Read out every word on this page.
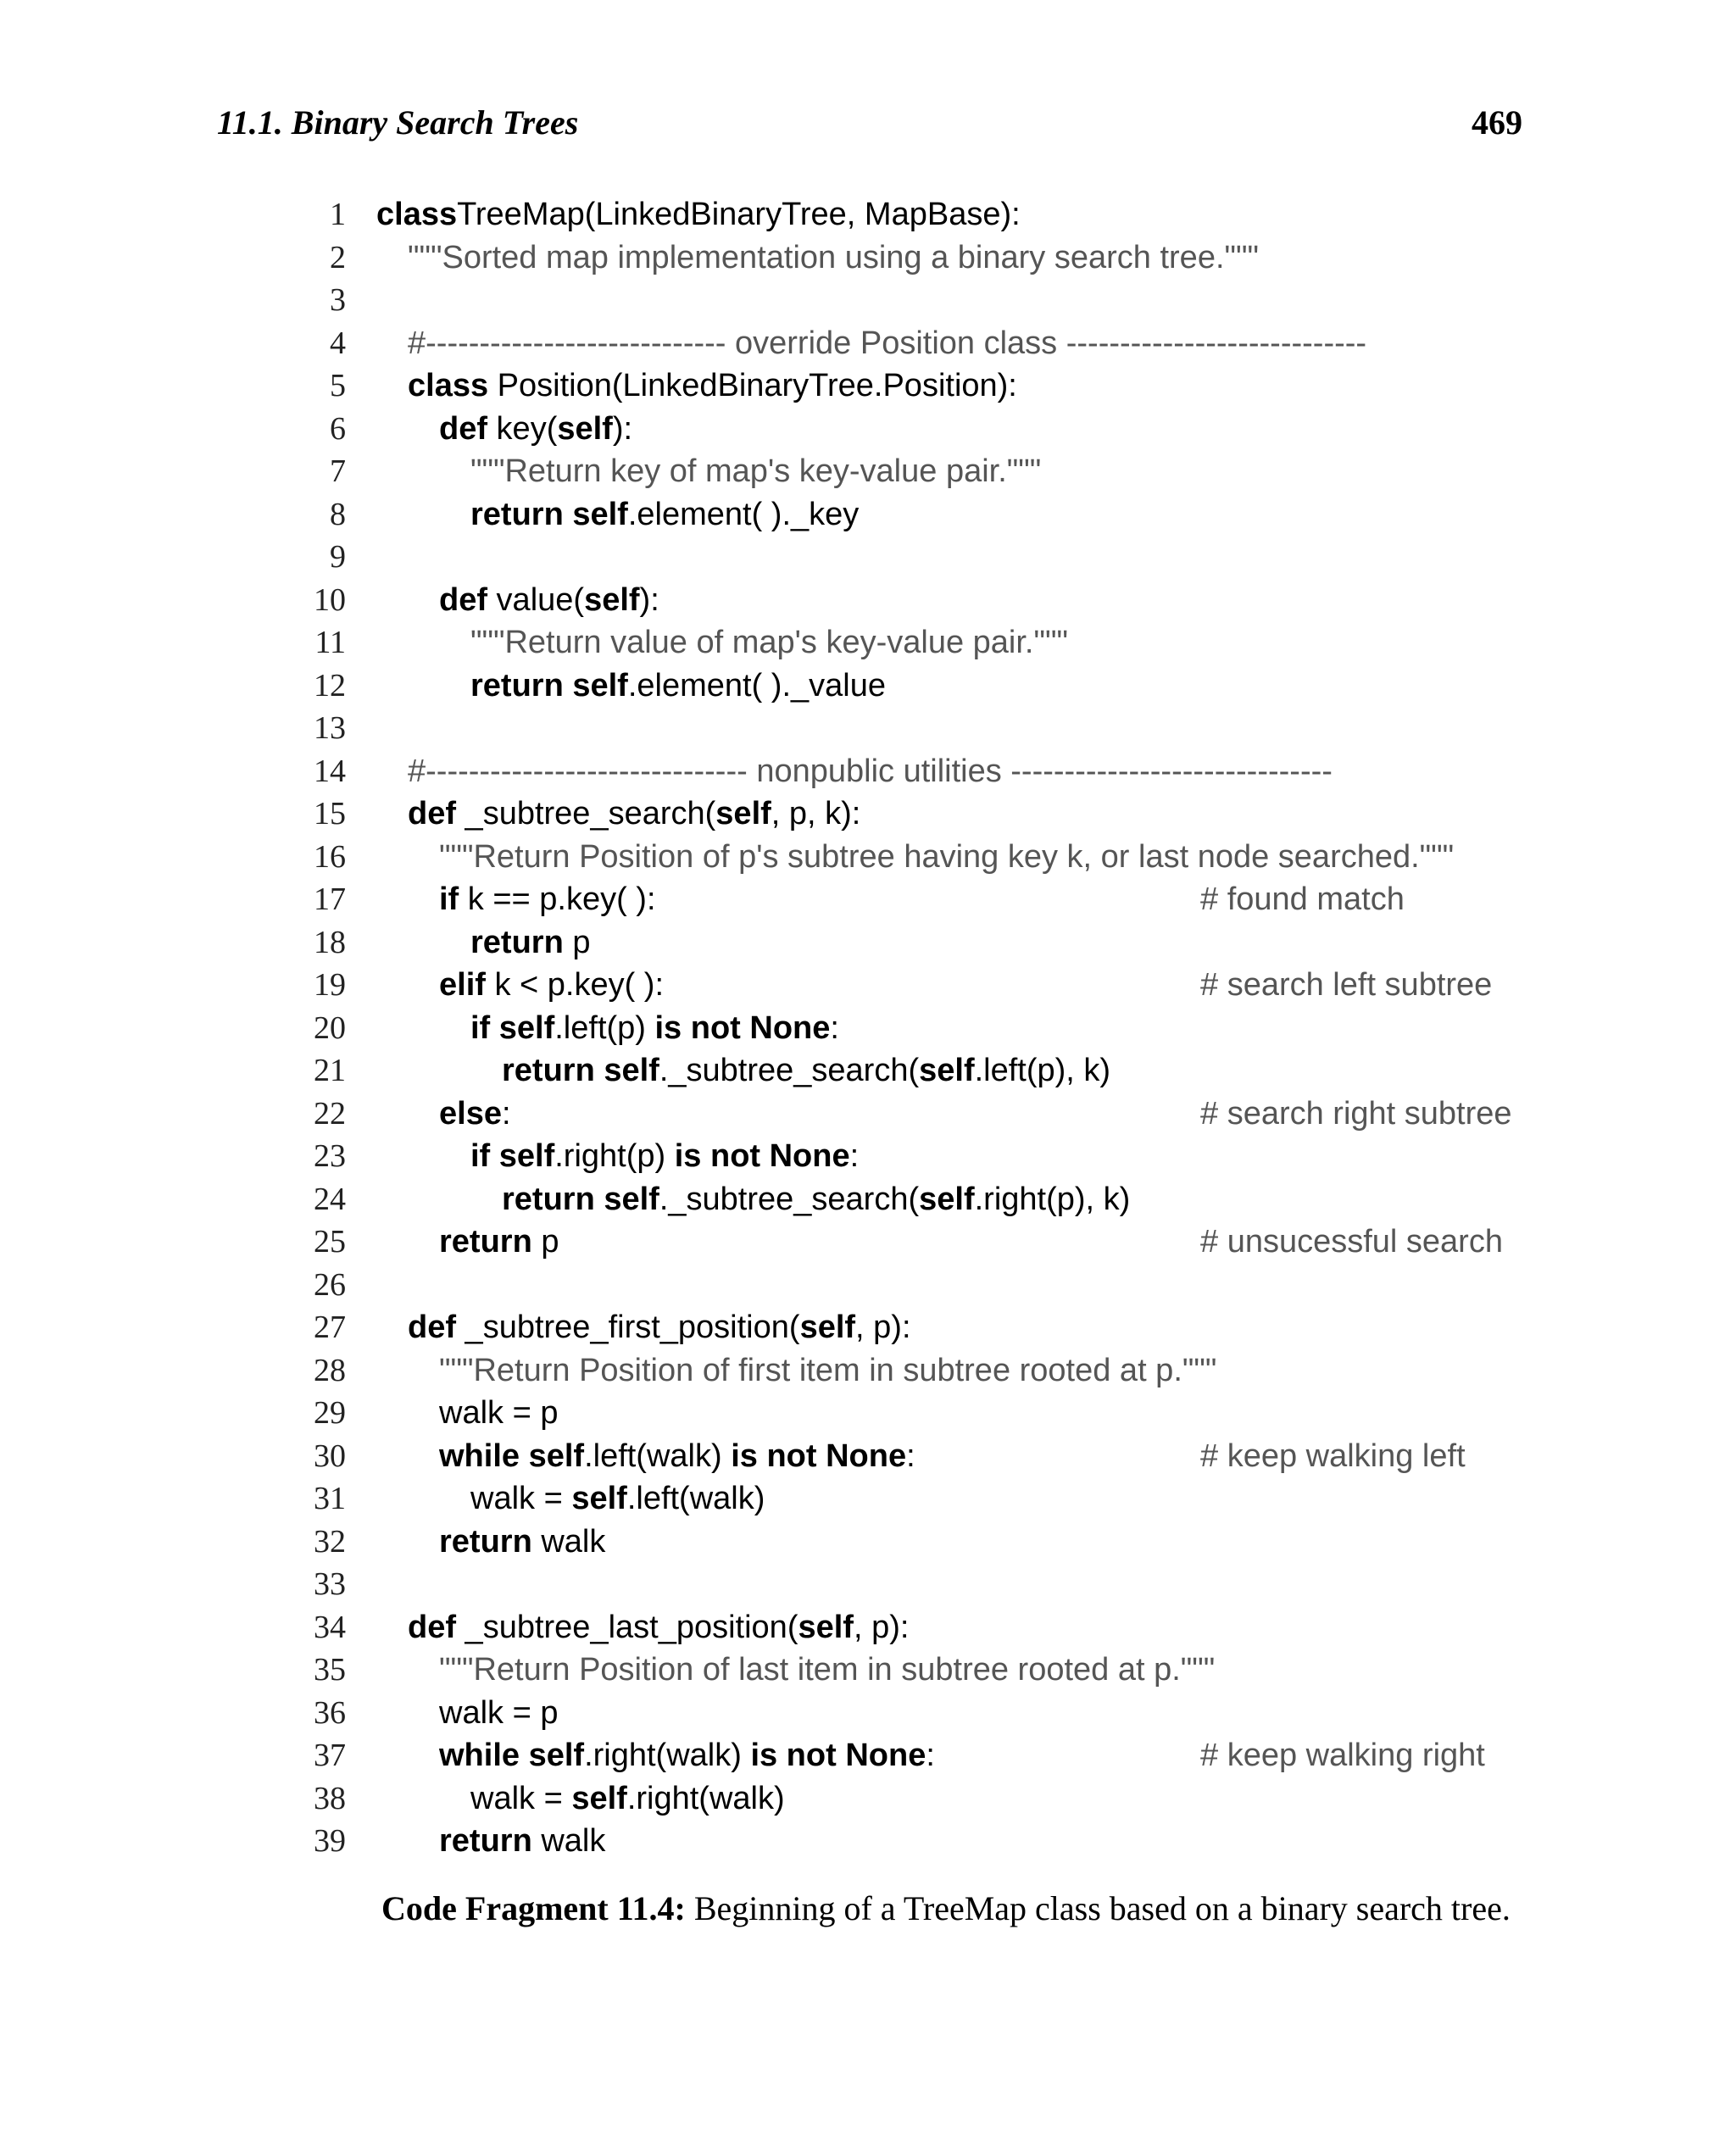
11.1. Binary Search Trees	469
1 classTreeMap(LinkedBinaryTree, MapBase):
2 """Sorted map implementation using a binary search tree."""
3
4 #---------------------------- override Position class ----------------------------
5 class Position(LinkedBinaryTree.Position):
6	def key(self):
7	"""Return key of map's key-value pair."""
8	return self.element( )._key
9
10	def value(self):
11	"""Return value of map's key-value pair."""
12	return self.element( )._value
13
14 #------------------------------ nonpublic utilities ------------------------------
15 def _subtree_search(self, p, k):
16	"""Return Position of p's subtree having key k, or last node searched."""
17	if k == p.key( ):	# found match
18	return p
19	elif k < p.key( ):	# search left subtree
20	if self.left(p) is not None:
21	return self._subtree_search(self.left(p), k)
22	else:	# search right subtree
23	if self.right(p) is not None:
24	return self._subtree_search(self.right(p), k)
25	return p	# unsucessful search
26
27 def _subtree_first_position(self, p):
28	"""Return Position of first item in subtree rooted at p."""
29	walk = p
30	while self.left(walk) is not None:	# keep walking left
31	walk = self.left(walk)
32	return walk
33
34 def _subtree_last_position(self, p):
35	"""Return Position of last item in subtree rooted at p."""
36	walk = p
37	while self.right(walk) is not None:	# keep walking right
38	walk = self.right(walk)
39	return walk
Code Fragment 11.4: Beginning of a TreeMap class based on a binary search tree.
